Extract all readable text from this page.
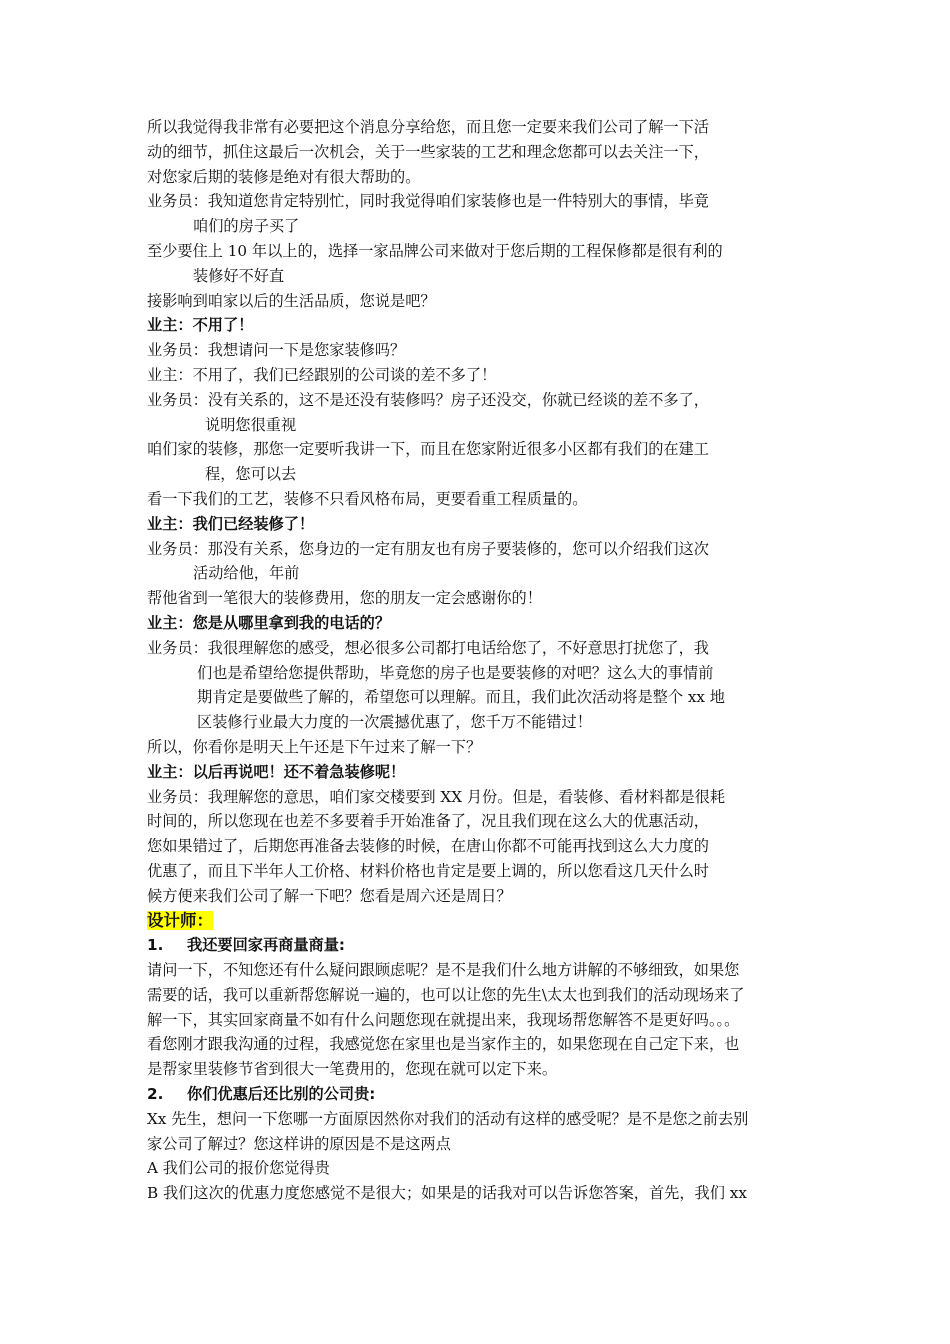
所以我觉得我非常有必要把这个消息分享给您，而且您一定要来我们公司了解一下活
动的细节，抓住这最后一次机会，关于一些家装的工艺和理念您都可以去关注一下，
对您家后期的装修是绝对有很大帮助的。
业务员：我知道您肯定特别忙，同时我觉得咱们家装修也是一件特别大的事情，毕竟
咱们的房子买了
至少要住上 10 年以上的，选择一家品牌公司来做对于您后期的工程保修都是很有利的
装修好不好直
接影响到咱家以后的生活品质，您说是吧？
业主：不用了！
业务员：我想请问一下是您家装修吗？
业主：不用了，我们已经跟别的公司谈的差不多了！
业务员：没有关系的，这不是还没有装修吗？房子还没交，你就已经谈的差不多了，
说明您很重视
咱们家的装修，那您一定要听我讲一下，而且在您家附近很多小区都有我们的在建工
程，您可以去
看一下我们的工艺，装修不只看风格布局，更要看重工程质量的。
业主：我们已经装修了！
业务员：那没有关系，您身边的一定有朋友也有房子要装修的，您可以介绍我们这次
活动给他，年前
帮他省到一笔很大的装修费用，您的朋友一定会感谢你的！
业主：您是从哪里拿到我的电话的？
业务员：我很理解您的感受，想必很多公司都打电话给您了，不好意思打扰您了，我
们也是希望给您提供帮助，毕竟您的房子也是要装修的对吧？这么大的事情前
期肯定是要做些了解的，希望您可以理解。而且，我们此次活动将是整个 xx 地
区装修行业最大力度的一次震撼优惠了，您千万不能错过！
所以，你看你是明天上午还是下午过来了解一下？
业主：以后再说吧！还不着急装修呢！
业务员：我理解您的意思，咱们家交楼要到 XX 月份。但是，看装修、看材料都是很耗
时间的，所以您现在也差不多要着手开始准备了，况且我们现在这么大的优惠活动，
您如果错过了，后期您再准备去装修的时候，在唐山你都不可能再找到这么大力度的
优惠了，而且下半年人工价格、材料价格也肯定是要上调的，所以您看这几天什么时
候方便来我们公司了解一下吧？您看是周六还是周日？
设计师：
1. 我还要回家再商量商量:
请问一下，不知您还有什么疑问跟顾虑呢？是不是我们什么地方讲解的不够细致，如果您
需要的话，我可以重新帮您解说一遍的，也可以让您的先生\太太也到我们的活动现场来了
解一下，其实回家商量不如有什么问题您现在就提出来，我现场帮您解答不是更好吗。。。
看您刚才跟我沟通的过程，我感觉您在家里也是当家作主的，如果您现在自己定下来，也
是帮家里装修节省到很大一笔费用的，您现在就可以定下来。
2. 你们优惠后还比别的公司贵:
Xx 先生，想问一下您哪一方面原因然你对我们的活动有这样的感受呢？是不是您之前去别
家公司了解过？您这样讲的原因是不是这两点
A 我们公司的报价您觉得贵
B 我们这次的优惠力度您感觉不是很大；如果是的话我对可以告诉您答案，首先，我们 xx
